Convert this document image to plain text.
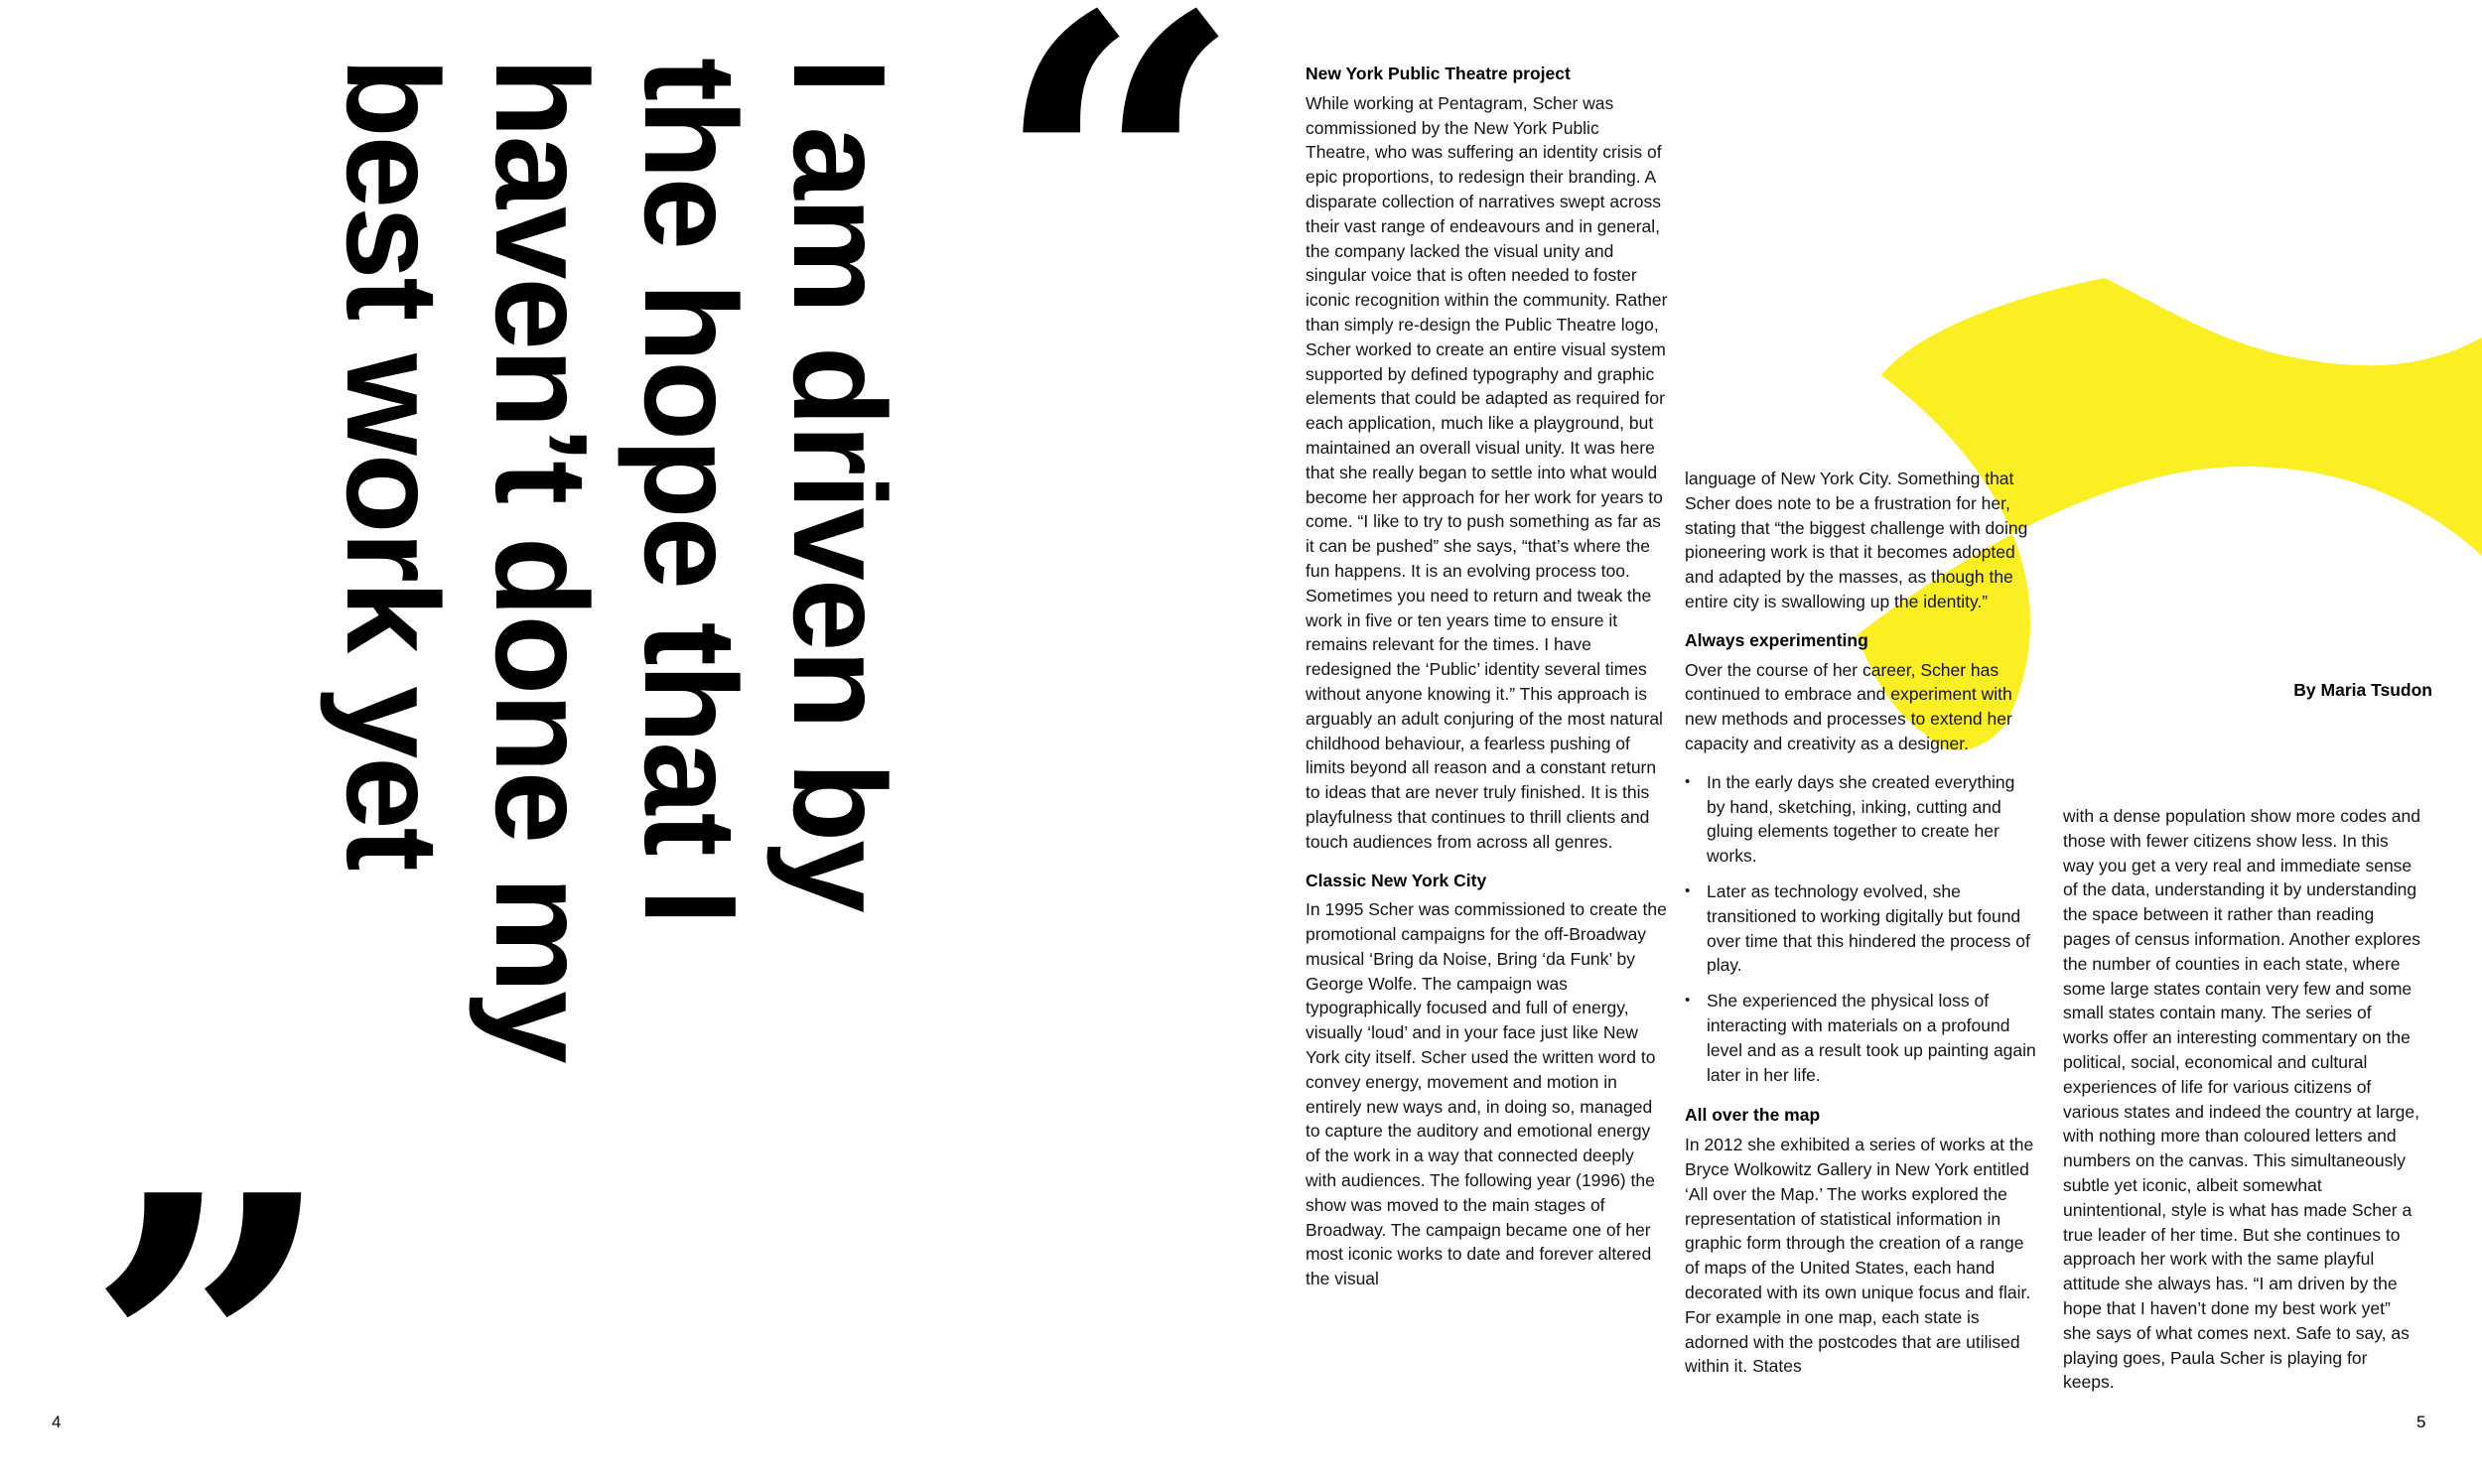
“
”
I am driven by
the hope that I
haven’t done my
best work yet	New York Public Theatre project

While working at Pentagram, Scher was commissioned by the New York Public Theatre, who was suffering an identity crisis of epic proportions, to redesign their branding. A disparate collection of narratives swept across their vast range of endeavours and in general, the company lacked the visual unity and singular voice that is often needed to foster iconic recognition within the community. Rather than simply re-design the Public Theatre logo, Scher worked to create an entire visual system supported by defined typography and graphic elements that could be adapted as required for each application, much like a playground, but maintained an overall visual unity. It was here that she really began to settle into what would become her approach for her work for years to come. “I like to try to push something as far as it can be pushed” she says, “that’s where the fun happens. It is an evolving process too. Sometimes you need to return and tweak the work in five or ten years time to ensure it remains relevant for the times. I have redesigned the ‘Public’ identity several times without anyone knowing it.” This approach is arguably an adult conjuring of the most natural childhood behaviour, a fearless pushing of limits beyond all reason and a constant return to ideas that are never truly finished. It is this playfulness that continues to thrill clients and touch audiences from across all genres.

Classic New York City

In 1995 Scher was commissioned to create the promotional campaigns for the off-Broadway musical ‘Bring da Noise, Bring ‘da Funk’ by George Wolfe. The campaign was typographically focused and full of energy, visually ‘loud’ and in your face just like New York city itself. Scher used the written word to convey energy, movement and motion in entirely new ways and, in doing so, managed to capture the auditory and emotional energy of the work in a way that connected deeply with audiences. The following year (1996) the show was moved to the main stages of Broadway. The campaign became one of her most iconic works to date and forever altered the visual

language of New York City. Something that Scher does note to be a frustration for her, stating that “the biggest challenge with doing pioneering work is that it becomes adopted and adapted by the masses, as though the entire city is swallowing up the identity.”

Always experimenting

Over the course of her career, Scher has continued to embrace and experiment with new methods and processes to extend her capacity and creativity as a designer.

• In the early days she created everything by hand, sketching, inking, cutting and gluing elements together to create her works.
• Later as technology evolved, she transitioned to working digitally but found over time that this hindered the process of play.
• She experienced the physical loss of interacting with materials on a profound level and as a result took up painting again later in her life.
All over the map

In 2012 she exhibited a series of works at the Bryce Wolkowitz Gallery in New York entitled ‘All over the Map.’ The works explored the representation of statistical information in graphic form through the creation of a range of maps of the United States, each hand decorated with its own unique focus and flair. For example in one map, each state is adorned with the postcodes that are utilised within it. States

with a dense population show more codes and those with fewer citizens show less. In this way you get a very real and immediate sense of the data, understanding it by understanding the space between it rather than reading pages of census information. Another explores the number of counties in each state, where some large states contain very few and some small states contain many. The series of works offer an interesting commentary on the political, social, economical and cultural experiences of life for various citizens of various states and indeed the country at large, with nothing more than coloured letters and numbers on the canvas. This simultaneously subtle yet iconic, albeit somewhat unintentional, style is what has made Scher a true leader of her time. But she continues to approach her work with the same playful attitude she always has. “I am driven by the hope that I haven’t done my best work yet” she says of what comes next. Safe to say, as playing goes, Paula Scher is playing for keeps.

By Maria Tsudon
4	5
